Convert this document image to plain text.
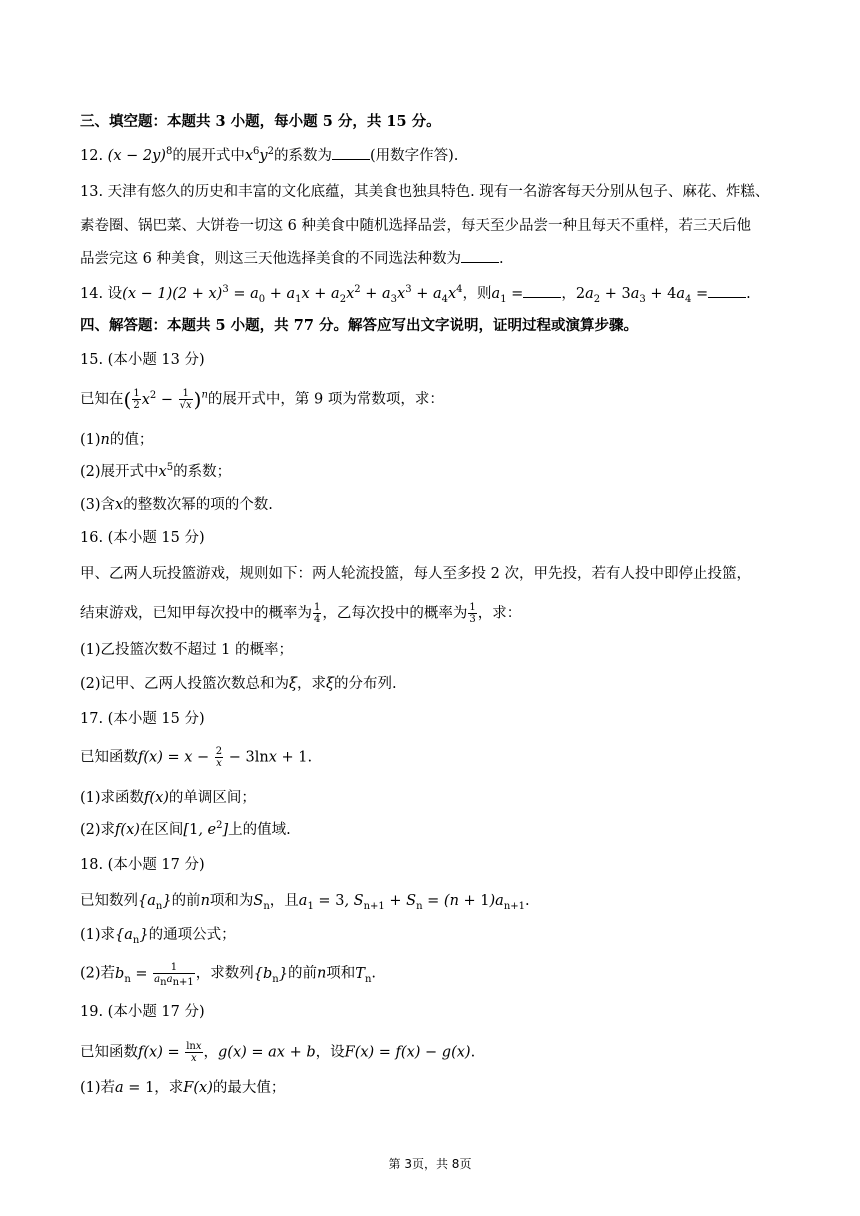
三、填空题：本题共 3 小题，每小题 5 分，共 15 分。
12. $(x - 2y)^8$的展开式中$x^6y^2$的系数为	(用数字作答).
13. 天津有悠久的历史和丰富的文化底蕴，其美食也独具特色. 现有一名游客每天分别从包子、麻花、炸糕、
素卷圈、锅巴菜、大饼卷一切这 6 种美食中随机选择品尝，每天至少品尝一种且每天不重样，若三天后他
品尝完这 6 种美食，则这三天他选择美食的不同选法种数为	.
14. 设$(x - 1)(2 + x)^3 = a_0 + a_1x + a_2x^2 + a_3x^3 + a_4x^4$，则$a_1$ =	，$2a_2 + 3a_3 + 4a_4$ =	.
四、解答题：本题共 5 小题，共 77 分。解答应写出文字说明，证明过程或演算步骤。
15. (本小题 13 分)
已知在( $\frac{1}{2} x^2 - \frac{1}{√x} )^n$的展开式中，第 9 项为常数项，求：
(1)n的值；
(2)展开式中$x^5$的系数；
(3)含x的整数次幂的项的个数.
16. (本小题 15 分)
甲、乙两人玩投篮游戏，规则如下：两人轮流投篮，每人至多投 2 次，甲先投，若有人投中即停止投篮，
结束游戏，已知甲每次投中的概率为 $\frac{1}{4}$ ，乙每次投中的概率为 $\frac{1}{3}$ ，求：
(1)乙投篮次数不超过 1 的概率；
(2)记甲、乙两人投篮次数总和为ξ，求ξ的分布列.
17. (本小题 15 分)
已知函数$f(x) = x - \frac{2}{x} - 3\ln x + 1$.
(1)求函数f(x)的单调区间；
(2)求f(x)在区间[1, $e^2$]上的值域.
18. (本小题 17 分)
已知数列$\{a_n\}$的前n项和为$S_n$，且$a_1 = 3$, $S_{n+1} + S_n = (n + 1)a_{n+1}$.
(1)求$\{a_n\}$的通项公式；
(2)若$b_n = \frac{1}{a_na_{n+1}}$ ，求数列$\{b_n\}$的前n项和$T_n$.
19. (本小题 17 分)
已知函数$f(x) = \frac{\ln x}{x}$ ，g(x) = ax + b，设F(x) = f(x) − g(x).
(1)若a = 1，求F(x)的最大值；
第 3页，共 8页
